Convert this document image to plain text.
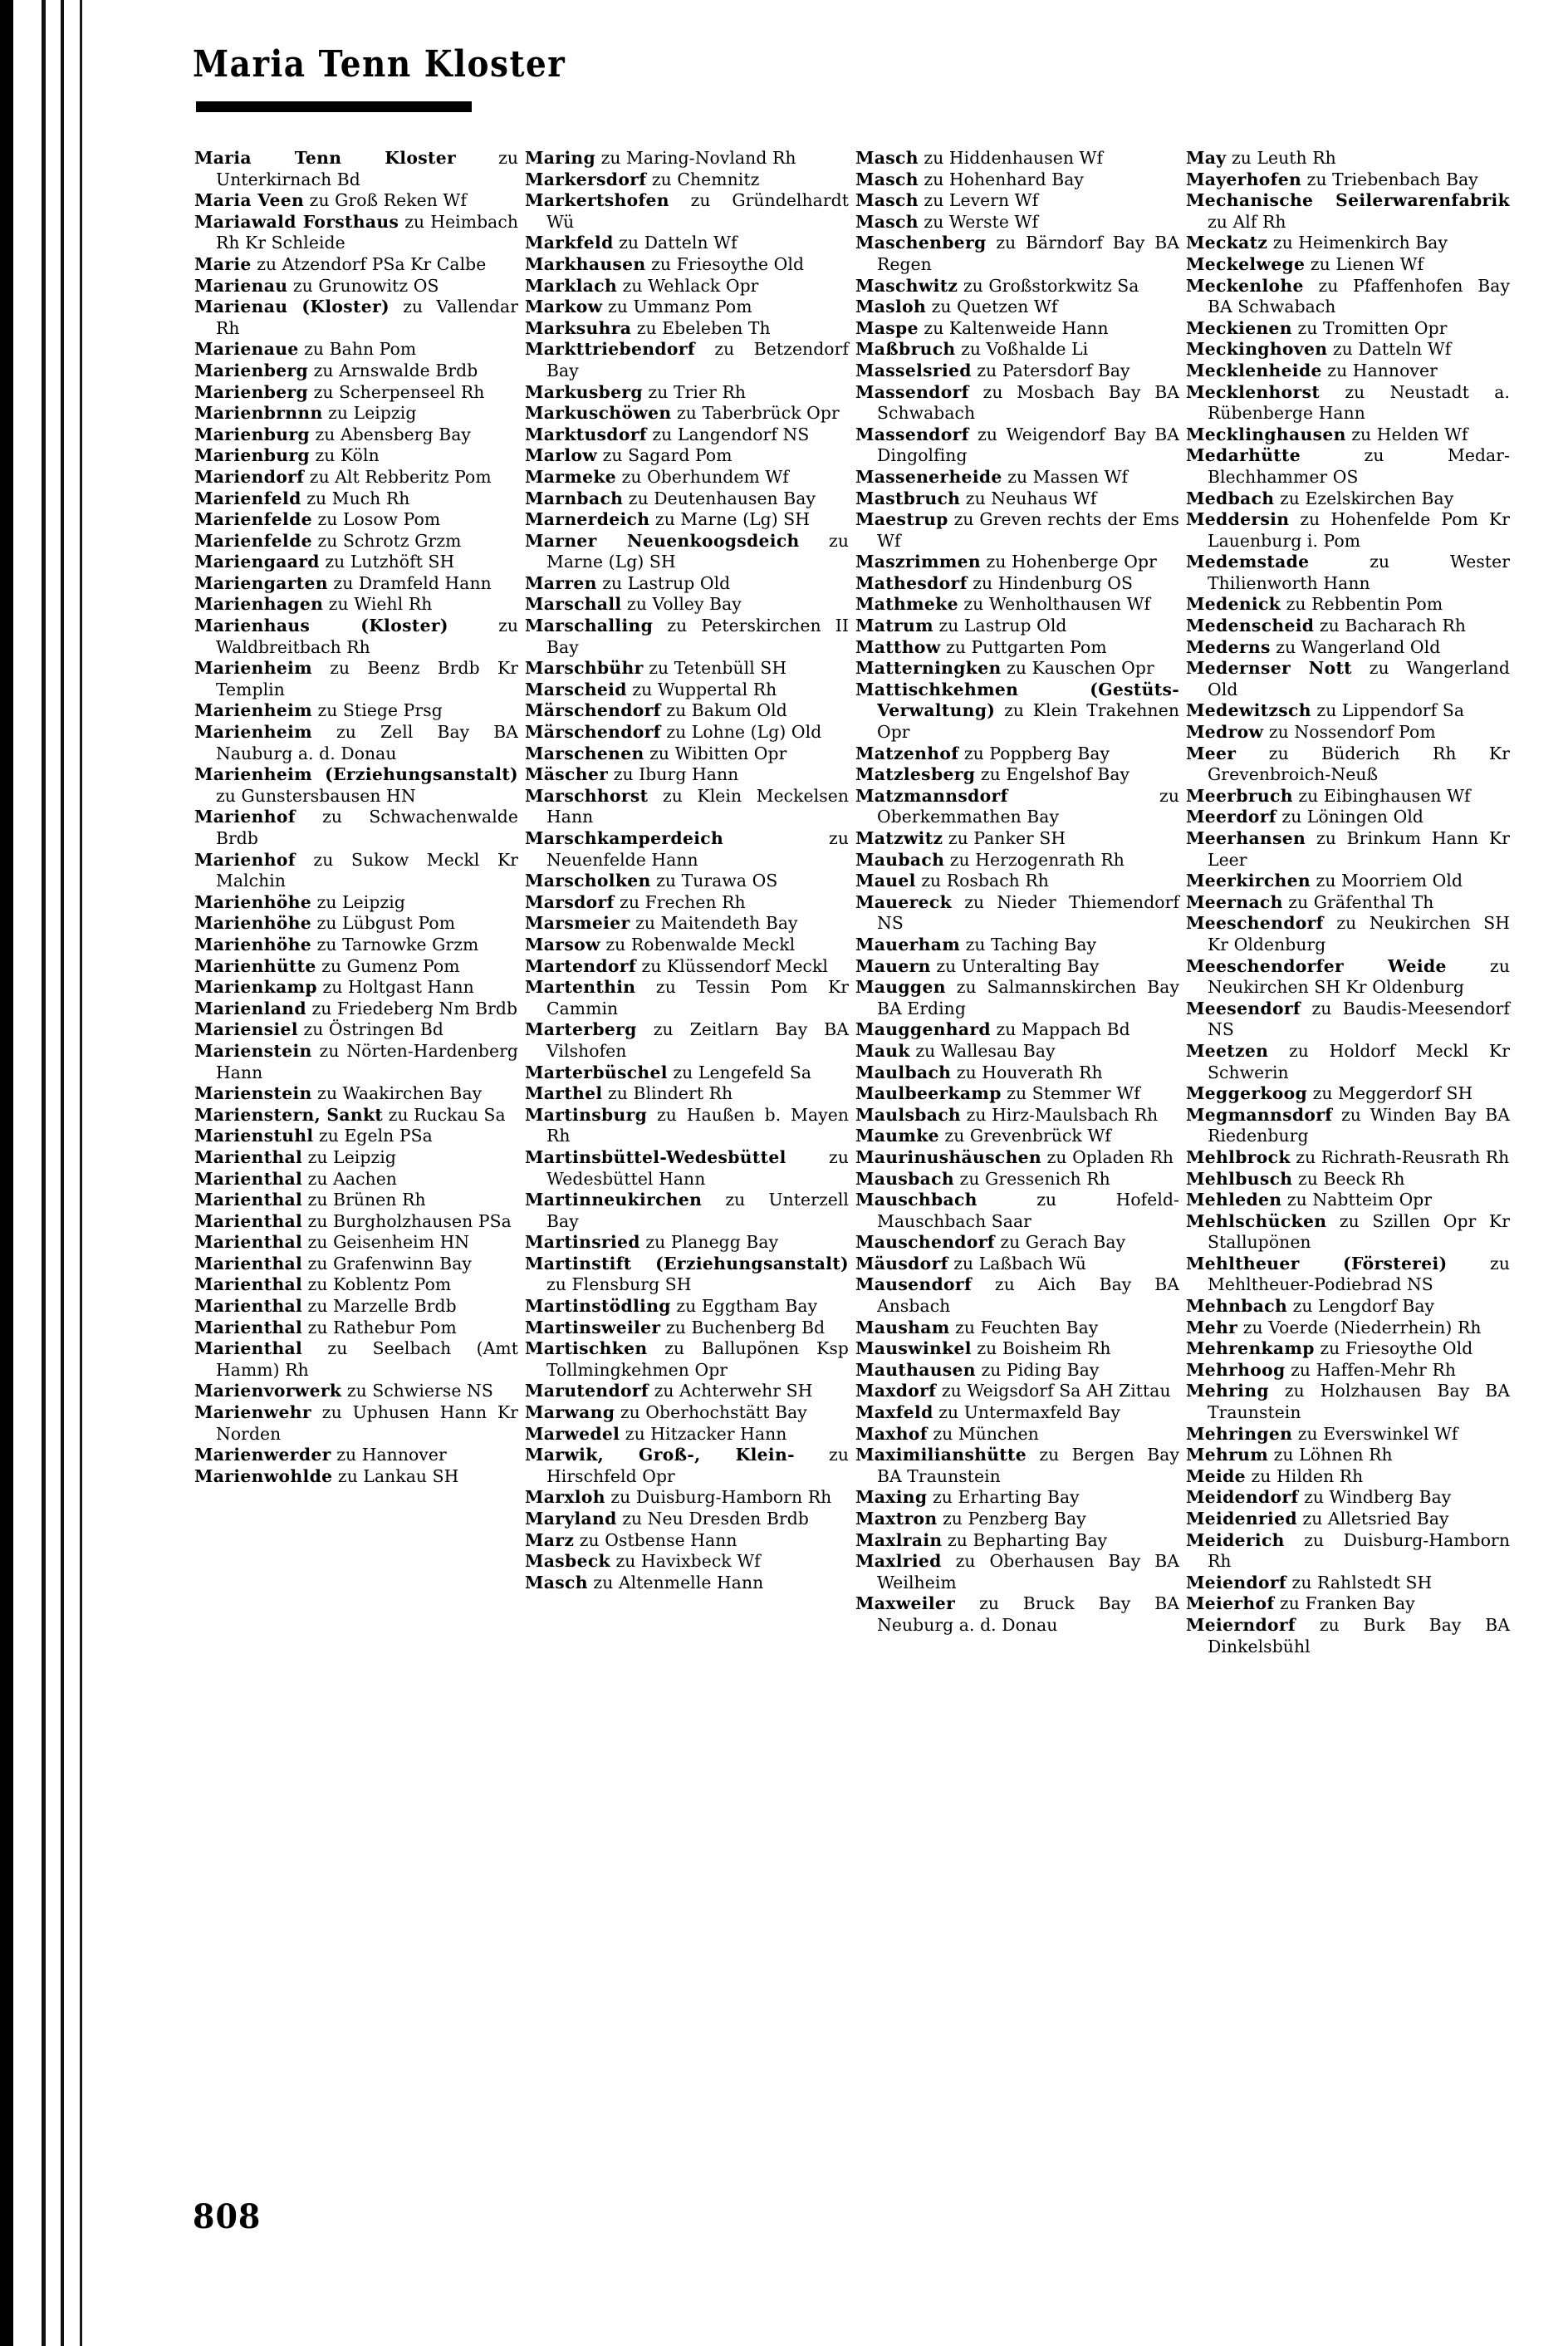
Maria Tenn Kloster

Maria Tenn Kloster	zu Unterkirnach Bd

Maria Veen zu Groß Reken Wf

Mariawald Forsthaus zu Heimbach Rh Kr Schleide

Marie zu Atzendorf PSa Kr Calbe

Marienau zu Grunowitz OS

Marienau (Kloster) zu Vallendar Rh

Marienaue zu Bahn Pom

Marienberg zu Arnswalde Brdb

Marienberg zu Scherpenseel Rh

Marienbrnnn zu Leipzig

Marienburg zu Abensberg Bay

Marienburg zu Köln

Mariendorf zu Alt Rebberitz Pom

Marienfeld zu Much Rh

Marienfelde zu Losow Pom

Marienfelde zu Schrotz Grzm

Mariengaard zu Lutzhöft SH

Mariengarten zu Dramfeld Hann

Marienhagen zu Wiehl Rh

Marienhaus (Kloster)	zu Waldbreitbach Rh

Marienheim zu Beenz Brdb Kr Templin

Marienheim zu Stiege Prsg

Marienheim zu Zell Bay BA Nauburg a. d. Donau

Marienheim (Erziehungsanstalt) zu Gunstersbausen HN

Marienhof zu Schwachenwalde Brdb

Marienhof zu Sukow Meckl Kr Malchin

Marienhöhe zu Leipzig

Marienhöhe zu Lübgust Pom

Marienhöhe zu Tarnowke Grzm

Marienhütte zu Gumenz Pom

Marienkamp zu Holtgast Hann

Marienland zu Friedeberg Nm Brdb

Mariensiel zu Östringen Bd

Marienstein zu Nörten-Hardenberg Hann

Marienstein zu Waakirchen Bay

Marienstern, Sankt zu Ruckau Sa

Marienstuhl zu Egeln PSa

Marienthal zu Leipzig

Marienthal zu Aachen

Marienthal zu Brünen Rh

Marienthal zu Burgholzhausen PSa

Marienthal zu Geisenheim HN

Marienthal zu Grafenwinn Bay

Marienthal zu Koblentz Pom

Marienthal zu Marzelle Brdb

Marienthal zu Rathebur Pom

Marienthal zu Seelbach (Amt Hamm) Rh

Marienvorwerk zu Schwierse NS

Marienwehr zu Uphusen Hann Kr Norden

Marienwerder zu Hannover

Marienwohlde zu Lankau SH

Maring zu Maring-Novland Rh

Markersdorf zu Chemnitz

Markertshofen zu Gründelhardt Wü

Markfeld zu Datteln Wf

Markhausen zu Friesoythe Old

Marklach zu Wehlack Opr

Markow zu Ummanz Pom

Marksuhra zu Ebeleben Th

Markttriebendorf zu Betzendorf Bay

Markusberg zu Trier Rh

Markuschöwen zu Taberbrück Opr

Marktusdorf zu Langendorf NS

Marlow zu Sagard Pom

Marmeke zu Oberhundem Wf

Marnbach zu Deutenhausen Bay

Marnerdeich zu Marne (Lg) SH

Marner Neuenkoogsdeich zu Marne (Lg) SH

Marren zu Lastrup Old

Marschall zu Volley Bay

Marschalling zu Peterskirchen II Bay

Marschbühr zu Tetenbüll SH

Marscheid zu Wuppertal Rh

Märschendorf zu Bakum Old

Märschendorf zu Lohne (Lg) Old

Marschenen zu Wibitten Opr

Mäscher zu Iburg Hann

Marschhorst zu Klein Meckelsen Hann

Marschkamperdeich	zu Neuenfelde Hann

Marscholken zu Turawa OS

Marsdorf zu Frechen Rh

Marsmeier zu Maitendeth Bay

Marsow zu Robenwalde Meckl

Martendorf zu Klüssendorf Meckl

Martenthin zu Tessin Pom Kr Cammin

Marterberg zu Zeitlarn Bay BA Vilshofen

Marterbüschel zu Lengefeld Sa

Marthel zu Blindert Rh

Martinsburg zu Haußen b. Mayen Rh

Martinsbüttel-Wedesbüttel	zu Wedesbüttel Hann

Martinneukirchen zu Unterzell Bay

Martinsried zu Planegg Bay

Martinstift (Erziehungsanstalt) zu Flensburg SH

Martinstödling zu Eggtham Bay

Martinsweiler zu Buchenberg Bd

Martischken zu Ballupönen Ksp Tollmingkehmen Opr

Marutendorf zu Achterwehr SH

Marwang zu Oberhochstätt Bay

Marwedel zu Hitzacker Hann

Marwik, Groß-, Klein- zu Hirschfeld Opr

Marxloh zu Duisburg-Hamborn Rh

Maryland zu Neu Dresden Brdb

Marz zu Ostbense Hann

Masbeck zu Havixbeck Wf

Masch zu Altenmelle Hann

Masch zu Hiddenhausen Wf

Masch zu Hohenhard Bay

Masch zu Levern Wf

Masch zu Werste Wf

Maschenberg zu Bärndorf Bay BA Regen

Maschwitz zu Großstorkwitz Sa

Masloh zu Quetzen Wf

Maspe zu Kaltenweide Hann

Maßbruch zu Voßhalde Li

Masselsried zu Patersdorf Bay

Massendorf zu Mosbach Bay BA Schwabach

Massendorf zu Weigendorf Bay BA Dingolfing

Massenerheide zu Massen Wf

Mastbruch zu Neuhaus Wf

Maestrup zu Greven rechts der Ems Wf

Maszrimmen zu Hohenberge Opr

Mathesdorf zu Hindenburg OS

Mathmeke zu Wenholthausen Wf

Matrum zu Lastrup Old

Matthow zu Puttgarten Pom

Matterningken zu Kauschen Opr

Mattischkehmen (Gestüts-Verwaltung) zu Klein Trakehnen Opr

Matzenhof zu Poppberg Bay

Matzlesberg zu Engelshof Bay

Matzmannsdorf	zu Oberkemmathen Bay

Matzwitz zu Panker SH

Maubach zu Herzogenrath Rh

Mauel zu Rosbach Rh

Mauereck zu Nieder Thiemendorf NS

Mauerham zu Taching Bay

Mauern zu Unteralting Bay

Mauggen zu Salmannskirchen Bay BA Erding

Mauggenhard zu Mappach Bd

Mauk zu Wallesau Bay

Maulbach zu Houverath Rh

Maulbeerkamp zu Stemmer Wf

Maulsbach zu Hirz-Maulsbach Rh

Maumke zu Grevenbrück Wf

Maurinushäuschen zu Opladen Rh

Mausbach zu Gressenich Rh

Mauschbach	zu Hofeld-Mauschbach Saar

Mauschendorf zu Gerach Bay

Mäusdorf zu Laßbach Wü

Mausendorf zu Aich Bay BA Ansbach

Mausham zu Feuchten Bay

Mauswinkel zu Boisheim Rh

Mauthausen zu Piding Bay

Maxdorf zu Weigsdorf Sa AH Zittau

Maxfeld zu Untermaxfeld Bay

Maxhof zu München

Maximilianshütte zu Bergen Bay BA Traunstein

Maxing zu Erharting Bay

Maxtron zu Penzberg Bay

Maxlrain zu Bepharting Bay

Maxlried zu Oberhausen Bay BA Weilheim

Maxweiler zu Bruck Bay BA Neuburg a. d. Donau

May zu Leuth Rh

Mayerhofen zu Triebenbach Bay

Mechanische Seilerwarenfabrik zu Alf Rh

Meckatz zu Heimenkirch Bay

Meckelwege zu Lienen Wf

Meckenlohe zu Pfaffenhofen Bay BA Schwabach

Meckienen zu Tromitten Opr

Meckinghoven zu Datteln Wf

Mecklenheide zu Hannover

Mecklenhorst zu Neustadt a. Rübenberge Hann

Mecklinghausen zu Helden Wf

Medarhütte	zu Medar-Blechhammer OS

Medbach zu Ezelskirchen Bay

Meddersin zu Hohenfelde Pom Kr Lauenburg i. Pom

Medemstade	zu Wester Thilienworth Hann

Medenick zu Rebbentin Pom

Medenscheid zu Bacharach Rh

Mederns zu Wangerland Old

Medernser Nott zu Wangerland Old

Medewitzsch zu Lippendorf Sa

Medrow zu Nossendorf Pom

Meer zu Büderich Rh Kr Grevenbroich-Neuß

Meerbruch zu Eibinghausen Wf

Meerdorf zu Löningen Old

Meerhansen zu Brinkum Hann Kr Leer

Meerkirchen zu Moorriem Old

Meernach zu Gräfenthal Th

Meeschendorf zu Neukirchen SH Kr Oldenburg

Meeschendorfer Weide	zu Neukirchen SH Kr Oldenburg

Meesendorf zu Baudis-Meesendorf NS

Meetzen zu Holdorf Meckl Kr Schwerin

Meggerkoog zu Meggerdorf SH

Megmannsdorf zu Winden Bay BA Riedenburg

Mehlbrock zu Richrath-Reusrath Rh

Mehlbusch zu Beeck Rh

Mehleden zu Nabtteim Opr

Mehlschücken zu Szillen Opr Kr Stallupönen

Mehltheuer (Försterei)	zu Mehltheuer-Podiebrad NS

Mehnbach zu Lengdorf Bay

Mehr zu Voerde (Niederrhein) Rh

Mehrenkamp zu Friesoythe Old

Mehrhoog zu Haffen-Mehr Rh

Mehring zu Holzhausen Bay BA Traunstein

Mehringen zu Everswinkel Wf

Mehrum zu Löhnen Rh

Meide zu Hilden Rh

Meidendorf zu Windberg Bay

Meidenried zu Alletsried Bay

Meiderich zu Duisburg-Hamborn Rh

Meiendorf zu Rahlstedt SH

Meierhof zu Franken Bay

Meierndorf zu Burk Bay BA Dinkelsbühl

808
